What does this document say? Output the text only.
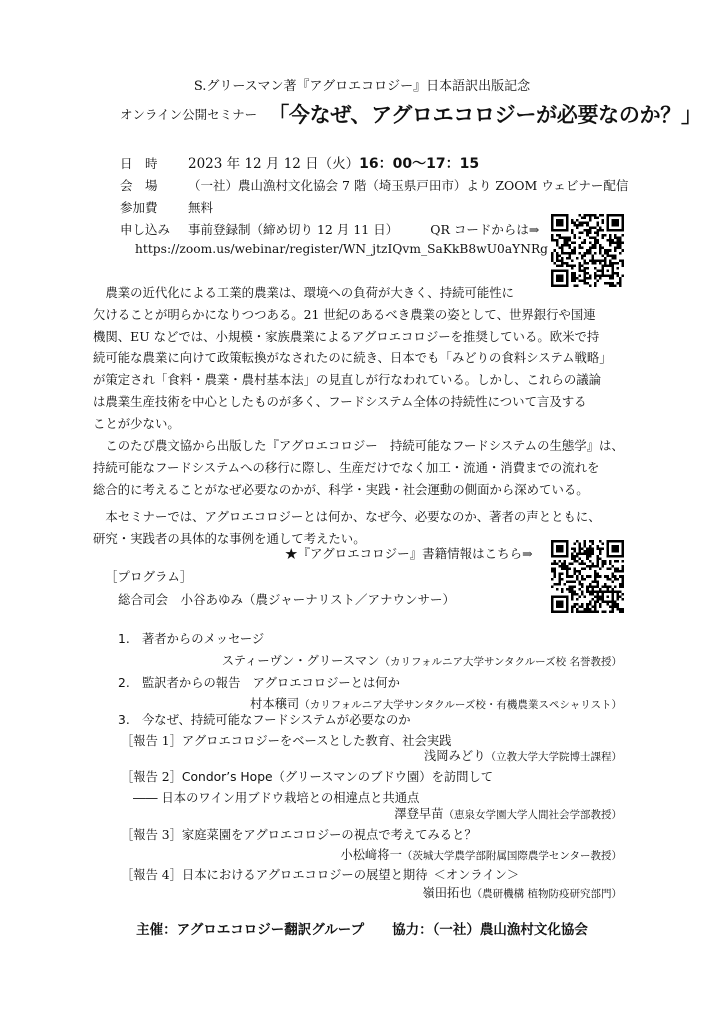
S.グリースマン著『アグロエコロジー』日本語訳出版記念
オンライン公開セミナー 「今なぜ、アグロエコロジーが必要なのか？」
日　時 2023 年 12 月 12 日（火）16：00〜17：15
会　場 （一社）農山漁村文化協会 7 階（埼玉県戸田市）より ZOOM ウェビナー配信
参加費 無料
申し込み 事前登録制（締め切り 12 月 11 日）	QR コードからは⇒
https://zoom.us/webinar/register/WN_jtzIQvm_SaKkB8wU0aYNRg
　農業の近代化による工業的農業は、環境への負荷が大きく、持続可能性に
欠けることが明らかになりつつある。21 世紀のあるべき農業の姿として、世界銀行や国連
機関、EU などでは、小規模・家族農業によるアグロエコロジーを推奨している。欧米で持
続可能な農業に向けて政策転換がなされたのに続き、日本でも「みどりの食料システム戦略」
が策定され「食料・農業・農村基本法」の見直しが行なわれている。しかし、これらの議論
は農業生産技術を中心としたものが多く、フードシステム全体の持続性について言及する
ことが少ない。
　このたび農文協から出版した『アグロエコロジー　持続可能なフードシステムの生態学』は、
持続可能なフードシステムへの移行に際し、生産だけでなく加工・流通・消費までの流れを
総合的に考えることがなぜ必要なのかが、科学・実践・社会運動の側面から深めている。
　本セミナーでは、アグロエコロジーとは何か、なぜ今、必要なのか、著者の声とともに、
研究・実践者の具体的な事例を通して考えたい。
★『アグロエコロジー』書籍情報はこちら⇒
［プログラム］
総合司会　小谷あゆみ（農ジャーナリスト／アナウンサー）
1. 著者からのメッセージ
スティーヴン・グリースマン（カリフォルニア大学サンタクルーズ校 名誉教授）
2. 監訳者からの報告　アグロエコロジーとは何か
村本穣司（カリフォルニア大学サンタクルーズ校・有機農業スペシャリスト）
3. 今なぜ、持続可能なフードシステムが必要なのか
［報告 1］アグロエコロジーをベースとした教育、社会実践
浅岡みどり（立教大学大学院博士課程）
［報告 2］Condor’s Hope（グリースマンのブドウ園）を訪問して
―― 日本のワイン用ブドウ栽培との相違点と共通点
澤登早苗（恵泉女学園大学人間社会学部教授）
［報告 3］家庭菜園をアグロエコロジーの視点で考えてみると？
小松﨑将一（茨城大学農学部附属国際農学センター教授）
［報告 4］日本におけるアグロエコロジーの展望と期待 ＜オンライン＞
嶺田拓也（農研機構 植物防疫研究部門）
主催：アグロエコロジー翻訳グループ 協力：（一社）農山漁村文化協会
